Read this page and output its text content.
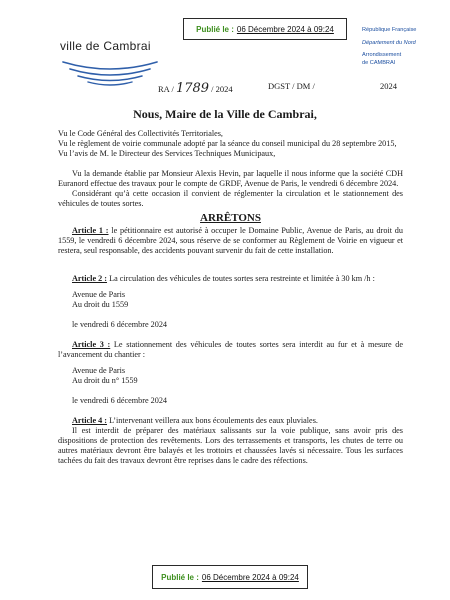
Publié le : 06 Décembre 2024 à 09:24
ville de Cambrai
République Française
Département du Nord
Arrondissement
de CAMBRAI
RA / 1789 / 2024	DGST / DM /	2024
Nous, Maire de la Ville de Cambrai,

Vu le Code Général des Collectivités Territoriales,

Vu le règlement de voirie communale adopté par la séance du conseil municipal du 28 septembre 2015,

Vu l’avis de M. le Directeur des Services Techniques Municipaux,

Vu la demande établie par Monsieur Alexis Hevin, par laquelle il nous informe que la société CDH Euranord effectue des travaux pour le compte de GRDF, Avenue de Paris, le vendredi 6 décembre 2024.

Considérant qu’à cette occasion il convient de réglementer la circulation et le stationnement des véhicules de toutes sortes.

ARRÊTONS

Article 1 : le pétitionnaire est autorisé à occuper le Domaine Public, Avenue de Paris, au droit du 1559, le vendredi 6 décembre 2024, sous réserve de se conformer au Règlement de Voirie en vigueur et restera, seul responsable, des accidents pouvant survenir du fait de cette installation.

Article 2 : La circulation des véhicules de toutes sortes sera restreinte et limitée à 30 km /h :

Avenue de Paris

Au droit du 1559

le vendredi 6 décembre 2024

Article 3 : Le stationnement des véhicules de toutes sortes sera interdit au fur et à mesure de l’avancement du chantier :

Avenue de Paris

Au droit du n° 1559

le vendredi 6 décembre 2024

Article 4 : L’intervenant veillera aux bons écoulements des eaux pluviales.

Il est interdit de préparer des matériaux salissants sur la voie publique, sans avoir pris des dispositions de protection des revêtements. Lors des terrassements et transports, les chutes de terre ou autres matériaux devront être balayés et les trottoirs et chaussées lavés si nécessaire. Tous les surfaces tachées du fait des travaux devront être reprises dans le cadre des réfections.

Publié le : 06 Décembre 2024 à 09:24
